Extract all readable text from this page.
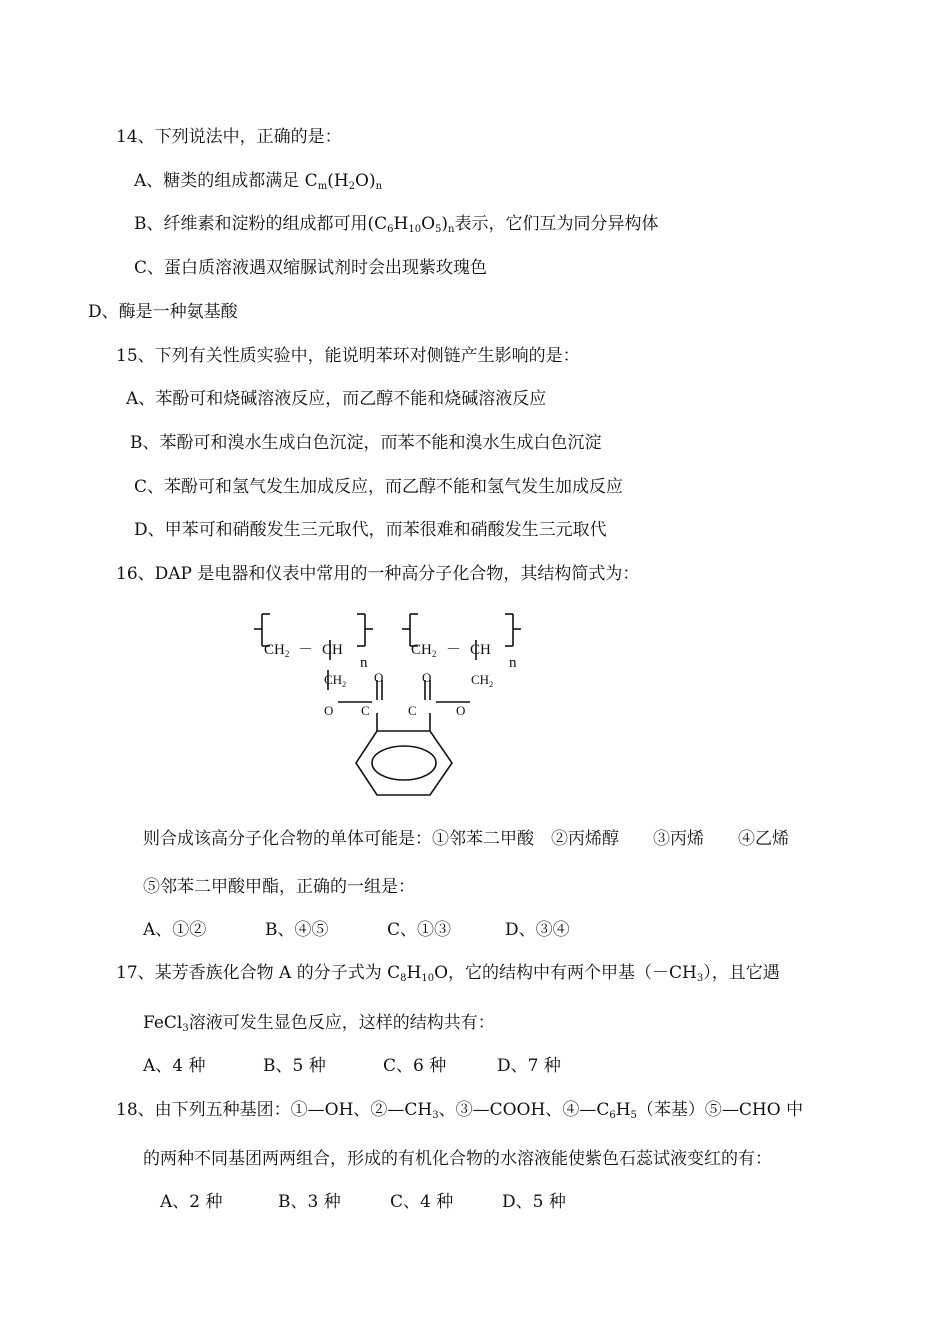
14、下列说法中，正确的是：
A、糖类的组成都满足 $C_m(H_2O)_n$
B、纤维素和淀粉的组成都可用$(C_6H_{10}O_5)_n$表示，它们互为同分异构体
C、蛋白质溶液遇双缩脲试剂时会出现紫玫瑰色
D、酶是一种氨基酸
15、下列有关性质实验中，能说明苯环对侧链产生影响的是：
A、苯酚可和烧碱溶液反应，而乙醇不能和烧碱溶液反应
B、苯酚可和溴水生成白色沉淀，而苯不能和溴水生成白色沉淀
C、苯酚可和氢气发生加成反应，而乙醇不能和氢气发生加成反应
D、甲苯可和硝酸发生三元取代，而苯很难和硝酸发生三元取代
16、DAP 是电器和仪表中常用的一种高分子化合物，其结构简式为：
$CH_2$ － CH
n
$CH_2$ － CH
n
$CH_2$ O	O	$CH_2$
O C	C	O
则合成该高分子化合物的单体可能是：①邻苯二甲酸　②丙烯醇　　③丙烯　　④乙烯
⑤邻苯二甲酸甲酯，正确的一组是：
A、①②	B、④⑤	C、①③	D、③④
17、某芳香族化合物 A 的分子式为 $C_8H_{10}O$，它的结构中有两个甲基$(-CH_3)$，且它遇
FeCl$_3$溶液可发生显色反应，这样的结构共有：
A、4 种	B、5 种	C、6 种	D、7 种
18、由下列五种基团：①—OH、$②—CH_3$、③—COOH、$④—C_6H_5$（苯基）⑤—CHO 中
的两种不同基团两两组合，形成的有机化合物的水溶液能使紫色石蕊试液变红的有：
A、2 种	B、3 种	C、4 种	D、5 种
